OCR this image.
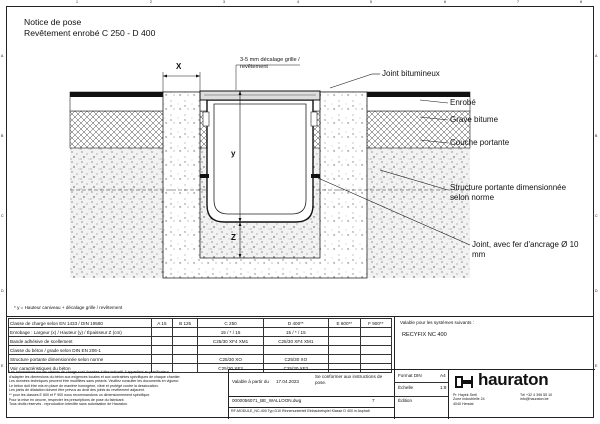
1	2	3	4	5	6	7	8
A
B
C
D
E
A
B
C
D
E
Notice de pose
Revêtement enrobé C 250 - D 400
X
y
Z
3-5 mm décalage grille / revêtement
Joint bitumineux
Enrobé
Grave bitume
Couche portante
Structure portante dimensionnée selon norme
Joint, avec fer d'ancrage Ø 10 mm
* y = Hauteur caniveau + décalage grille / revêtement
Classe de charge selon EN 1433 / DIN 19580	A 15	B 125	C 250	D 400**	E 600**	F 900**
Enrobage : Largeur (x) / Hauteur (y) / Épaisseur Z (cm)			15 / * / 15	15 / * / 15		
Bande adhésive de scellement			C25/30 XF4 XM1	C25/30 XF4 XM1		
Classe du béton / grade selon DIN EN 206-1						
Structure portante dimensionnée selon norme			C25/30 XO	C25/30 XO		
Voir caractéristiques du béton			C25/30 XF3	C25/30 XF3		
Valable pour les systèmes suivants :
RECYFIX NC 400
Les informations sur les classes de charge sont données à titre indicatif. Il appartient au planificateur
d'adapter les dimensions du béton aux exigences locales et aux contraintes spécifiques de chaque chantier.
Les données techniques peuvent être modifiées sans préavis. Veuillez consulter les documents en vigueur.
Le béton doit être mis en place de manière homogène, vibré et protégé contre la dessiccation.
Les joints de dilatation doivent être prévus au droit des joints du revêtement adjacent.
** pour les classes E 600 et F 900 nous recommandons un dimensionnement spécifique.
Pour la mise en oeuvre, respecter les prescriptions de pose du fabricant.
Tous droits réservés - reproduction interdite sans autorisation de Hauraton.
Valable à partir du 17.04.2023
Se conformer aux instructions de pose.
0000056071_BE_WALLOON.dwg	7
RF-MODULE_NC-400 Typ D10 Rinnenunterteil Einbaubeispiel Klasse D 400 in Asphalt
Format DIN	A4
Échelle	1:8
Édition
hauraton
Pr. Hayek Serti
Zone Industrielle 24
4040 Herstal
Tél +32 4 396 55 10
info@hauraton.be
